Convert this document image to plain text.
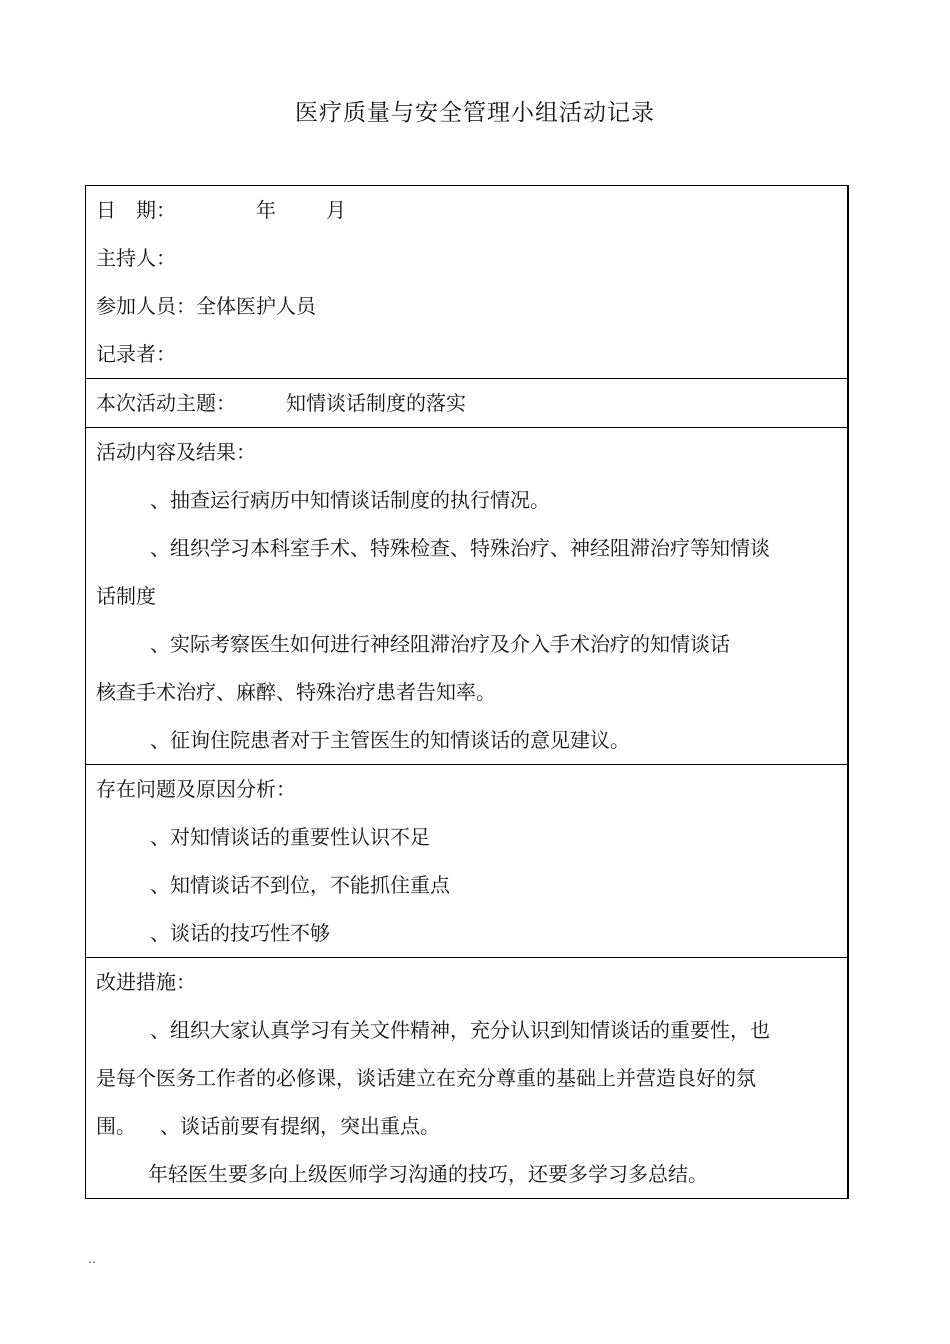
医疗质量与安全管理小组活动记录
日　期：	年	月
主持人：
参加人员：全体医护人员
记录者：
本次活动主题：	知情谈话制度的落实
活动内容及结果：
、抽查运行病历中知情谈话制度的执行情况。
、组织学习本科室手术、特殊检查、特殊治疗、神经阻滞治疗等知情谈
话制度
、实际考察医生如何进行神经阻滞治疗及介入手术治疗的知情谈话
核查手术治疗、麻醉、特殊治疗患者告知率。
、征询住院患者对于主管医生的知情谈话的意见建议。
存在问题及原因分析：
、对知情谈话的重要性认识不足
、知情谈话不到位，不能抓住重点
、谈话的技巧性不够
改进措施：
、组织大家认真学习有关文件精神，充分认识到知情谈话的重要性，也
是每个医务工作者的必修课，谈话建立在充分尊重的基础上并营造良好的氛
围。 、谈话前要有提纲，突出重点。
年轻医生要多向上级医师学习沟通的技巧，还要多学习多总结。
..
